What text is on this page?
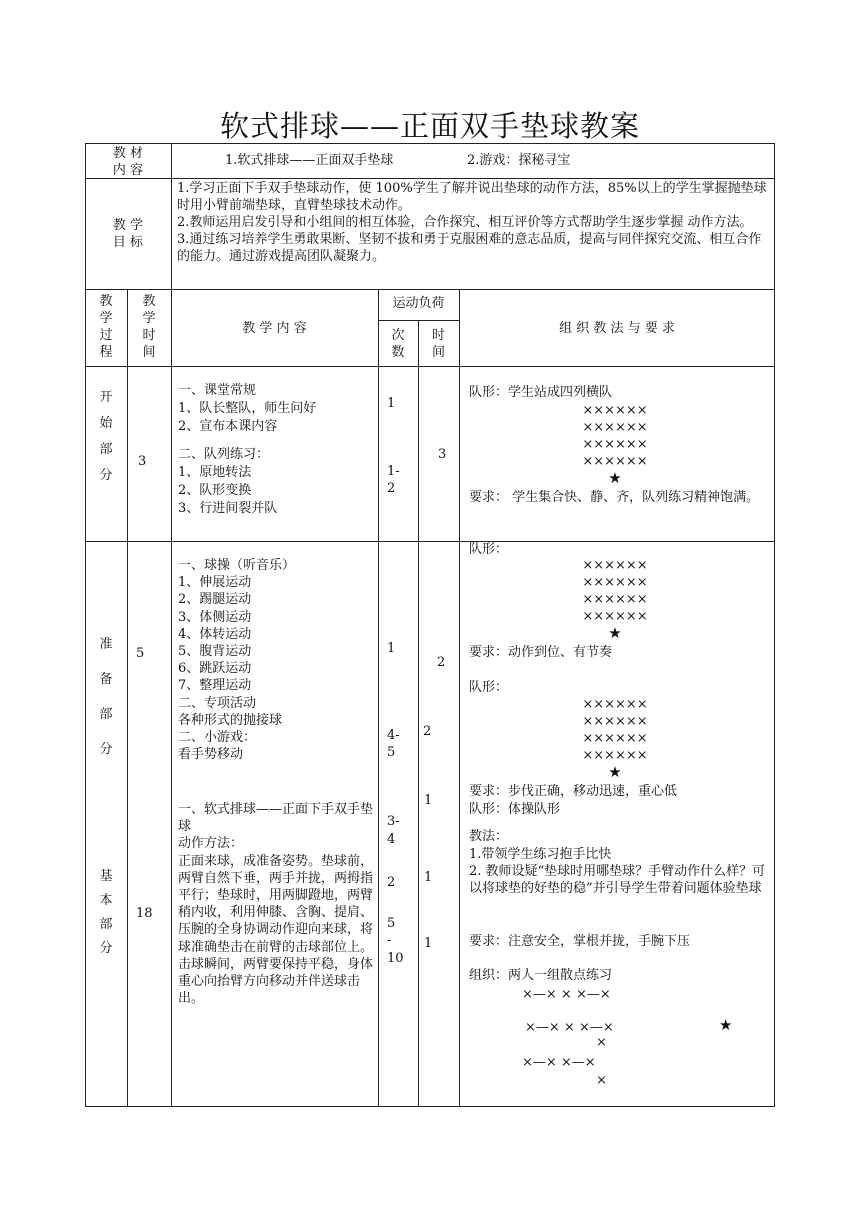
软式排球——正面双手垫球教案
教 材
内 容
1.软式排球——正面双手垫球	2.游戏：探秘寻宝
教 学
目 标
1.学习正面下手双手垫球动作，使 100%学生了解并说出垫球的动作方法，85%以上的学生掌握抛垫球时用小臂前端垫球，直臂垫球技术动作。
2.教师运用启发引导和小组间的相互体验，合作探究、相互评价等方式帮助学生逐步掌握 动作方法。
3.通过练习培养学生勇敢果断、坚韧不拔和勇于克服困难的意志品质，提高与同伴探究交流、相互合作的能力。通过游戏提高团队凝聚力。
教
学
过
程
教
学
时
间
教 学 内 容
运动负荷
次
数
时
间
组 织 教 法 与 要 求
开
始
部
分
3
一、课堂常规
1、队长整队，师生问好
2、宣布本课内容
二、队列练习：
1、原地转法
2、队形变换
3、行进间裂并队
1
1-
2
3
队形：学生站成四列横队
××××××
××××××
××××××
××××××
★
要求： 学生集合快、静、齐，队列练习精神饱满。
准
备
部
分
5
一、球操（听音乐）
1、伸展运动
2、踢腿运动
3、体侧运动
4、体转运动
5、腹背运动
6、跳跃运动
7、整理运动
二、专项活动
各种形式的抛接球
二、小游戏：
看手势移动
1
4-
5
2
2
队形：
××××××
××××××
××××××
××××××
★
要求：动作到位、有节奏
队形：
××××××
××××××
××××××
××××××
★
要求：步伐正确，移动迅速，重心低
队形：体操队形
基
本
部
分
18
一、软式排球——正面下手双手垫球
动作方法：
正面来球，成准备姿势。垫球前，两臂自然下垂，两手并拢，两拇指平行；垫球时，用两脚蹬地，两臂稍内收，利用伸膝、含胸、提肩、压腕的全身协调动作迎向来球，将球准确垫击在前臂的击球部位上。击球瞬间，两臂要保持平稳，身体重心向抬臂方向移动并伴送球击出。
3-
4

2

5
-
10
1
1
1
教法：
1.带领学生练习抱手比快
2. 教师设疑“垫球时用哪垫球？手臂动作什么样？可以将球垫的好垫的稳”并引导学生带着问题体验垫球
要求：注意安全，掌根并拢，手腕下压
组织：两人一组散点练习
×—× × ×—×
×—× × ×—×	★
×
×—× ×—×
×
